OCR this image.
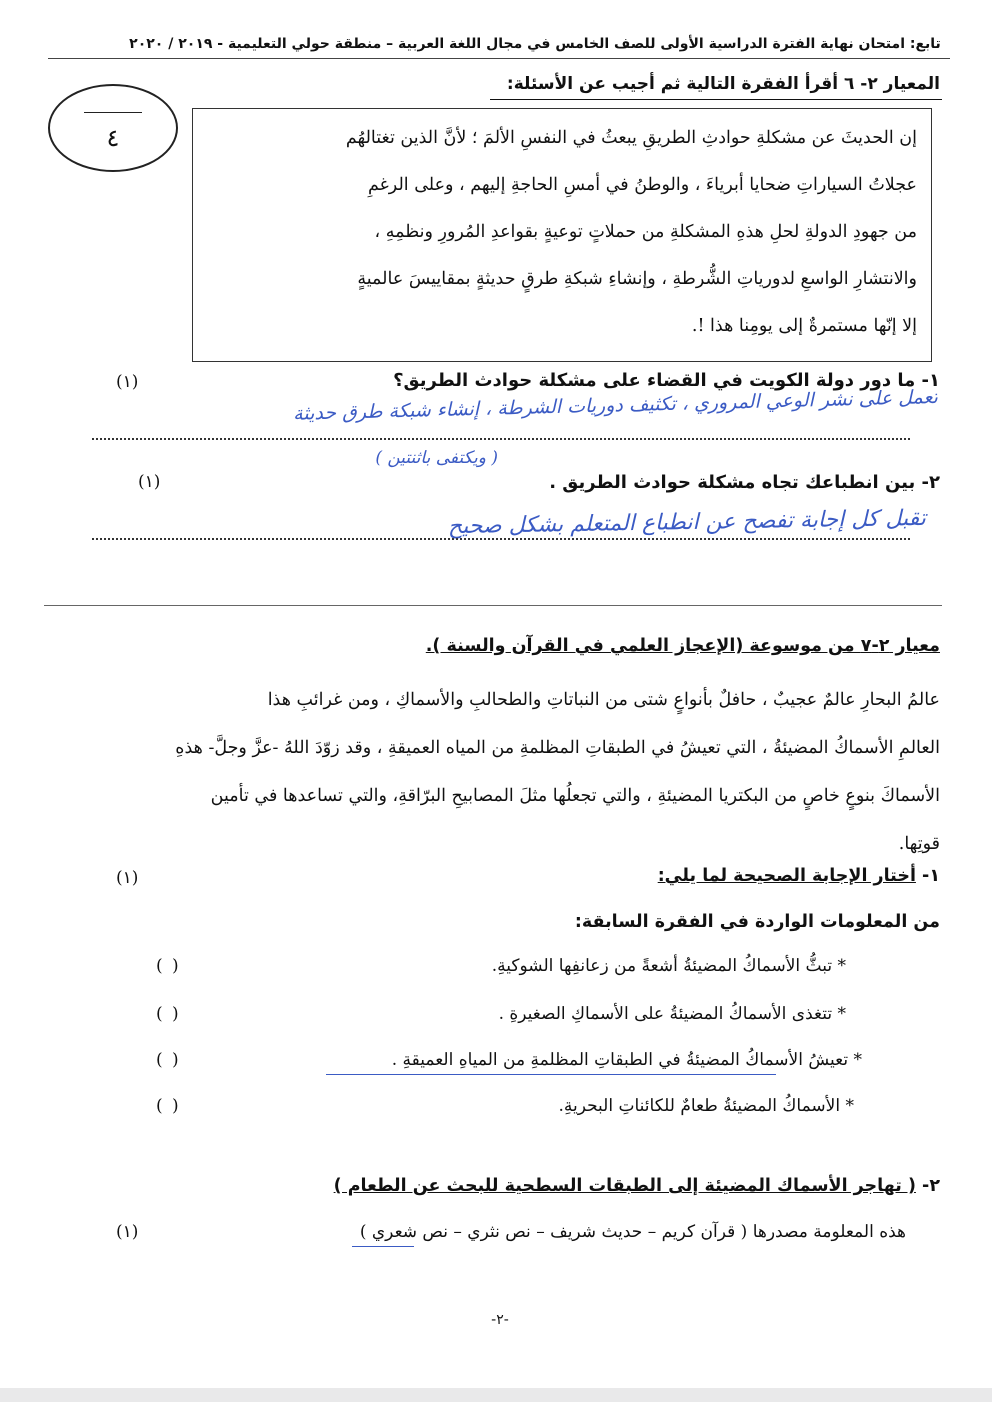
تابع: امتحان نهاية الفترة الدراسية الأولى للصف الخامس في مجال اللغة العربية – منطقة حولي التعليمية - ٢٠١٩ / ٢٠٢٠
٤
المعيار ٢- ٦ أقرأ الفقرة التالية ثم أجيب عن الأسئلة:
إن الحديثَ عن مشكلةِ حوادثِ الطريقِ يبعثُ في النفسِ الألمَ ؛ لأنَّ الذين تغتالهُم
عجلاتُ السياراتِ ضحايا أبرياءَ ، والوطنُ في أمسِ الحاجةِ إليهم ، وعلى الرغمِ
من جهودِ الدولةِ لحلِ هذهِ المشكلةِ من حملاتٍ توعيةٍ بقواعدِ المُرورِ ونظمِهِ ،
والانتشارِ الواسعِ لدورياتِ الشُّرطةِ ، وإنشاءِ شبكةِ طرقٍ حديثةٍ بمقاييسَ عالميةٍ
إلا إنّها مستمرةٌ إلى يومِنا هذا !.
١- ما دور دولة الكويت في القضاء على مشكلة حوادث الطريق؟
(١)
تعمل على نشر الوعي المروري ، تكثيف دوريات الشرطة ، إنشاء شبكة طرق حديثة
( ويكتفى باثنتين )
٢- بين انطباعك تجاه مشكلة حوادث الطريق .
(١)
تقبل كل إجابة تفصح عن انطباع المتعلم بشكل صحيح
معيار ٢-٧ من موسوعة (الإعجاز العلمي في القرآن والسنة ).
عالمُ البحارِ عالمٌ عجيبٌ ، حافلٌ بأنواعٍ شتى من النباتاتِ والطحالبِ والأسماكِ ، ومن غرائبِ هذا
العالمِ الأسماكُ المضيئةُ ، التي تعيشُ في الطبقاتِ المظلمةِ من المياه العميقةِ ، وقد زوّدَ اللهُ -عزَّ وجلَّ- هذهِ
الأسماكَ بنوعٍ خاصٍ من البكتريا المضيئةِ ، والتي تجعلُها مثلَ المصابيحِ البرّاقةِ، والتي تساعدها في تأمين
قوتِها.
١- أختار الإجابة الصحيحة لما يلي:
(١)
من المعلومات الواردة في الفقرة السابقة:
* تبثُّ الأسماكُ المضيئةُ أشعةً من زعانفِها الشوكيةِ.
( )
* تتغذى الأسماكُ المضيئةُ على الأسماكِ الصغيرةِ .
( )
* تعيشُ الأسماكُ المضيئةُ في الطبقاتِ المظلمةِ من المياهِ العميقةِ .
( )
* الأسماكُ المضيئةُ طعامٌ للكائناتِ البحريةِ.
( )
٢- ( تهاجر الأسماك المضيئة إلى الطبقات السطحية للبحث عن الطعام )
هذه المعلومة مصدرها ( قرآن كريم – حديث شريف – نص نثري – نص شعري )
(١)
-٢-
